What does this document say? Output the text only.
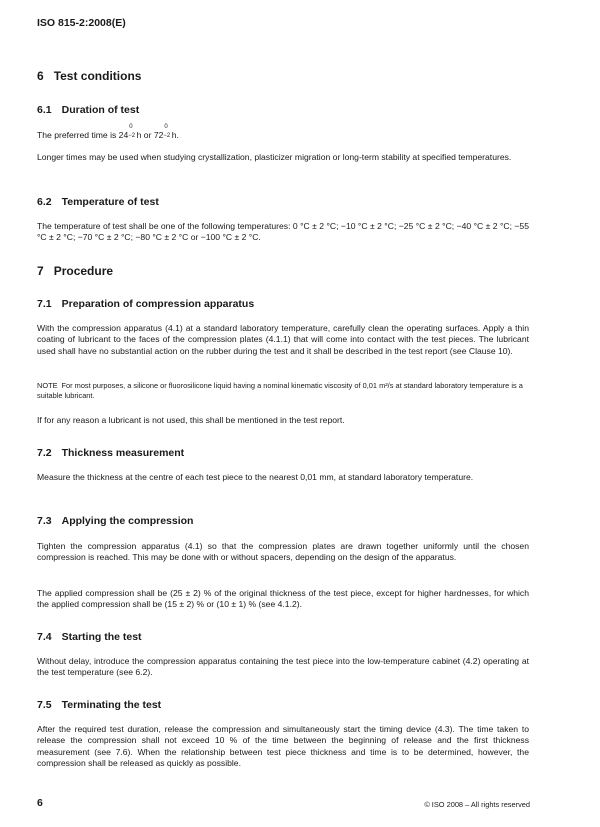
ISO 815-2:2008(E)
6 Test conditions
6.1 Duration of test
The preferred time is 24
0
−2 h or 72
0
−2 h.
Longer times may be used when studying crystallization, plasticizer migration or long-term stability at specified temperatures.
6.2 Temperature of test
The temperature of test shall be one of the following temperatures: 0 °C ± 2 °C; −10 °C ± 2 °C; −25 °C ± 2 °C; −40 °C ± 2 °C; −55 °C ± 2 °C; −70 °C ± 2 °C; −80 °C ± 2 °C or −100 °C ± 2 °C.
7 Procedure
7.1 Preparation of compression apparatus
With the compression apparatus (4.1) at a standard laboratory temperature, carefully clean the operating surfaces. Apply a thin coating of lubricant to the faces of the compression plates (4.1.1) that will come into contact with the test pieces. The lubricant used shall have no substantial action on the rubber during the test and it shall be described in the test report (see Clause 10).
NOTE For most purposes, a silicone or fluorosilicone liquid having a nominal kinematic viscosity of 0,01 m²/s at standard laboratory temperature is a suitable lubricant.
If for any reason a lubricant is not used, this shall be mentioned in the test report.
7.2 Thickness measurement
Measure the thickness at the centre of each test piece to the nearest 0,01 mm, at standard laboratory temperature.
7.3 Applying the compression
Tighten the compression apparatus (4.1) so that the compression plates are drawn together uniformly until the chosen compression is reached. This may be done with or without spacers, depending on the design of the apparatus.
The applied compression shall be (25 ± 2) % of the original thickness of the test piece, except for higher hardnesses, for which the applied compression shall be (15 ± 2) % or (10 ± 1) % (see 4.1.2).
7.4 Starting the test
Without delay, introduce the compression apparatus containing the test piece into the low-temperature cabinet (4.2) operating at the test temperature (see 6.2).
7.5 Terminating the test
After the required test duration, release the compression and simultaneously start the timing device (4.3). The time taken to release the compression shall not exceed 10 % of the time between the beginning of release and the first thickness measurement (see 7.6). When the relationship between test piece thickness and time is to be determined, however, the compression shall be released as quickly as possible.
6	© ISO 2008 – All rights reserved
